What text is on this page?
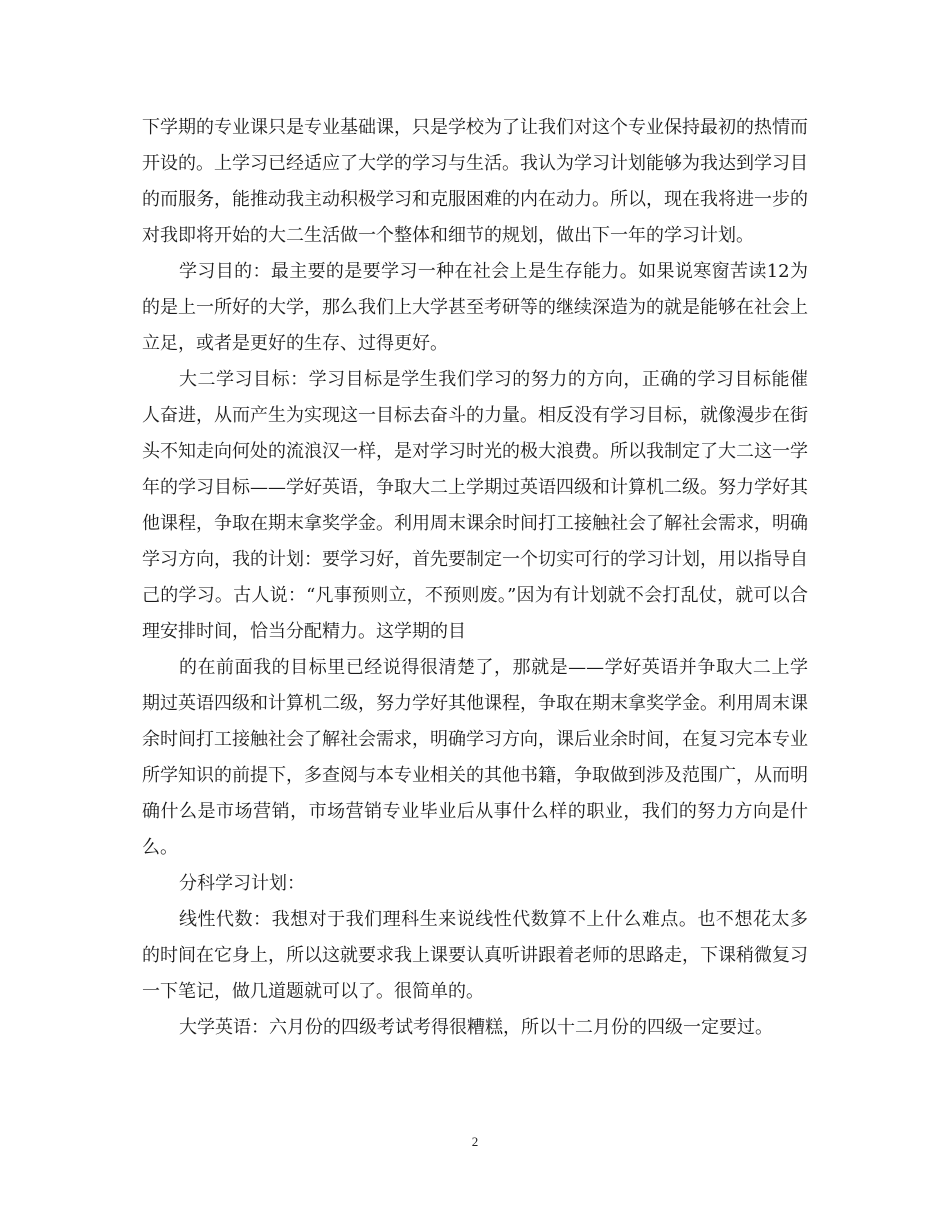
下学期的专业课只是专业基础课，只是学校为了让我们对这个专业保持最初的热情而开设的。上学习已经适应了大学的学习与生活。我认为学习计划能够为我达到学习目的而服务，能推动我主动积极学习和克服困难的内在动力。所以，现在我将进一步的对我即将开始的大二生活做一个整体和细节的规划，做出下一年的学习计划。

学习目的：最主要的是要学习一种在社会上是生存能力。如果说寒窗苦读12为的是上一所好的大学，那么我们上大学甚至考研等的继续深造为的就是能够在社会上立足，或者是更好的生存、过得更好。

大二学习目标：学习目标是学生我们学习的努力的方向，正确的学习目标能催人奋进，从而产生为实现这一目标去奋斗的力量。相反没有学习目标，就像漫步在街头不知走向何处的流浪汉一样，是对学习时光的极大浪费。所以我制定了大二这一学年的学习目标——学好英语，争取大二上学期过英语四级和计算机二级。努力学好其他课程，争取在期末拿奖学金。利用周末课余时间打工接触社会了解社会需求，明确学习方向，我的计划：要学习好，首先要制定一个切实可行的学习计划，用以指导自己的学习。古人说：“凡事预则立，不预则废。”因为有计划就不会打乱仗，就可以合理安排时间，恰当分配精力。这学期的目

的在前面我的目标里已经说得很清楚了，那就是——学好英语并争取大二上学期过英语四级和计算机二级，努力学好其他课程，争取在期末拿奖学金。利用周末课余时间打工接触社会了解社会需求，明确学习方向，课后业余时间，在复习完本专业所学知识的前提下，多查阅与本专业相关的其他书籍，争取做到涉及范围广，从而明确什么是市场营销，市场营销专业毕业后从事什么样的职业，我们的努力方向是什么。

分科学习计划：

线性代数：我想对于我们理科生来说线性代数算不上什么难点。也不想花太多的时间在它身上，所以这就要求我上课要认真听讲跟着老师的思路走，下课稍微复习一下笔记，做几道题就可以了。很简单的。

大学英语：六月份的四级考试考得很糟糕，所以十二月份的四级一定要过。

2
